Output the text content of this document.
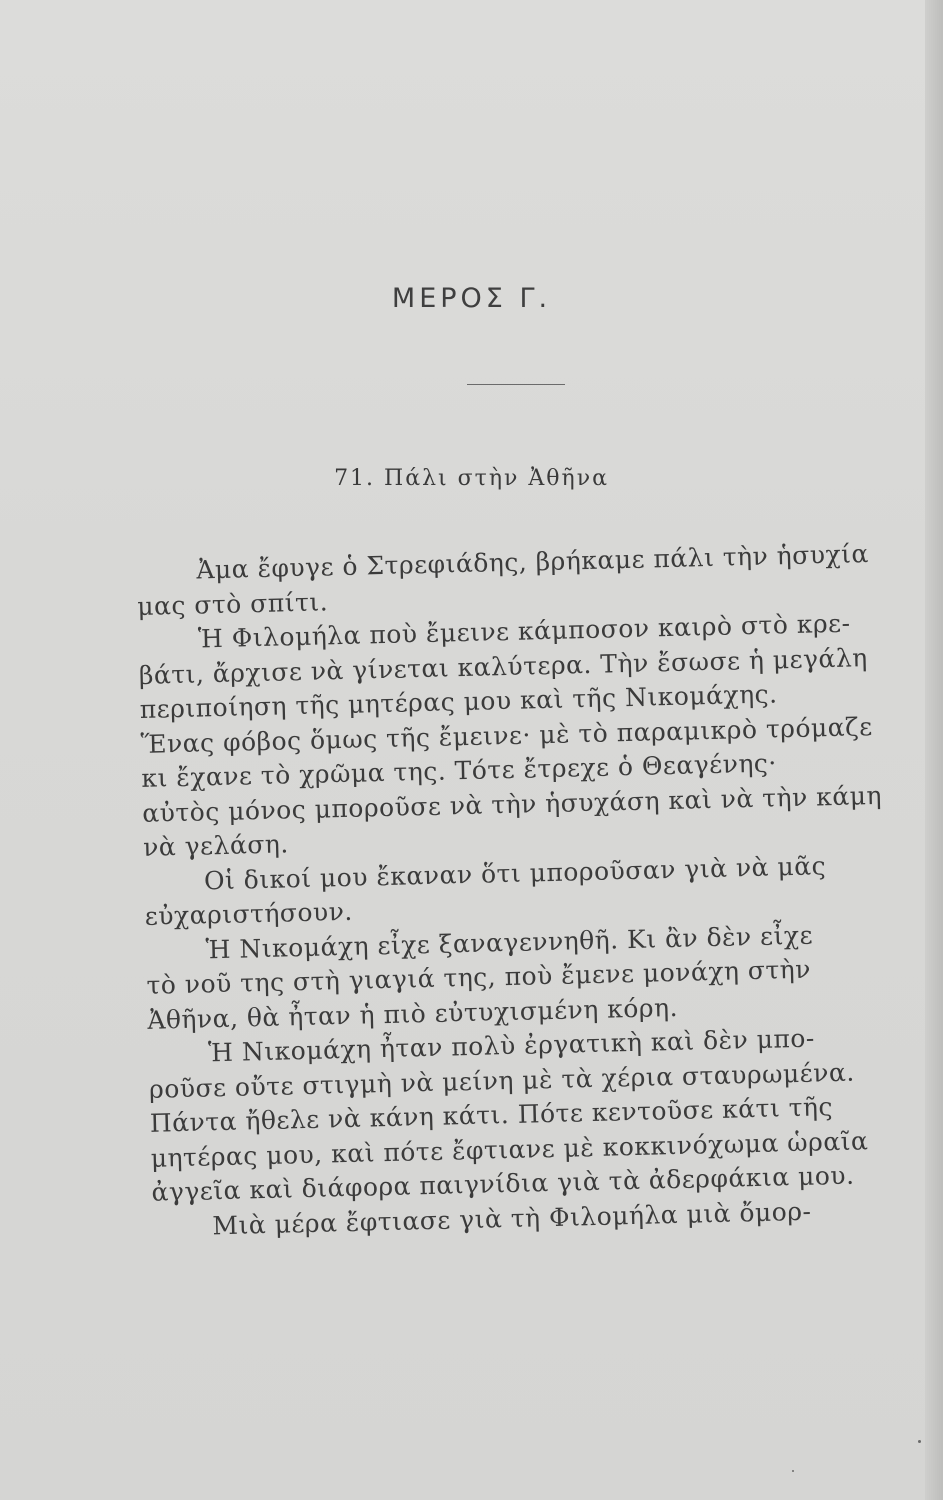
ΜΕΡΟΣ Γ.
71. Πάλι στὴν Ἀθῆνα
Ἀμα ἔφυγε ὁ Στρεφιάδης, βρήκαμε πάλι τὴν ἡσυχία
μας στὸ σπίτι.
Ἡ Φιλομήλα ποὺ ἔμεινε κάμποσον καιρὸ στὸ κρε-
βάτι, ἄρχισε νὰ γίνεται καλύτερα. Τὴν ἔσωσε ἡ μεγάλη
περιποίηση τῆς μητέρας μου καὶ τῆς Νικομάχης.
Ἕνας φόβος ὅμως τῆς ἔμεινε· μὲ τὸ παραμικρὸ τρόμαζε
κι ἔχανε τὸ χρῶμα της. Τότε ἔτρεχε ὁ Θεαγένης·
αὐτὸς μόνος μποροῦσε νὰ τὴν ἡσυχάση καὶ νὰ τὴν κάμη
νὰ γελάση.
Οἱ δικοί μου ἔκαναν ὅτι μποροῦσαν γιὰ νὰ μᾶς
εὐχαριστήσουν.
Ἡ Νικομάχη εἶχε ξαναγεννηθῆ. Κι ἂν δὲν εἶχε
τὸ νοῦ της στὴ γιαγιά της, ποὺ ἔμενε μονάχη στὴν
Ἀθῆνα, θὰ ἦταν ἡ πιὸ εὐτυχισμένη κόρη.
Ἡ Νικομάχη ἦταν πολὺ ἐργατικὴ καὶ δὲν μπο-
ροῦσε οὔτε στιγμὴ νὰ μείνη μὲ τὰ χέρια σταυρωμένα.
Πάντα ἤθελε νὰ κάνη κάτι. Πότε κεντοῦσε κάτι τῆς
μητέρας μου, καὶ πότε ἔφτιανε μὲ κοκκινόχωμα ὡραῖα
ἀγγεῖα καὶ διάφορα παιγνίδια γιὰ τὰ ἀδερφάκια μου.
Μιὰ μέρα ἔφτιασε γιὰ τὴ Φιλομήλα μιὰ ὄμορ-
